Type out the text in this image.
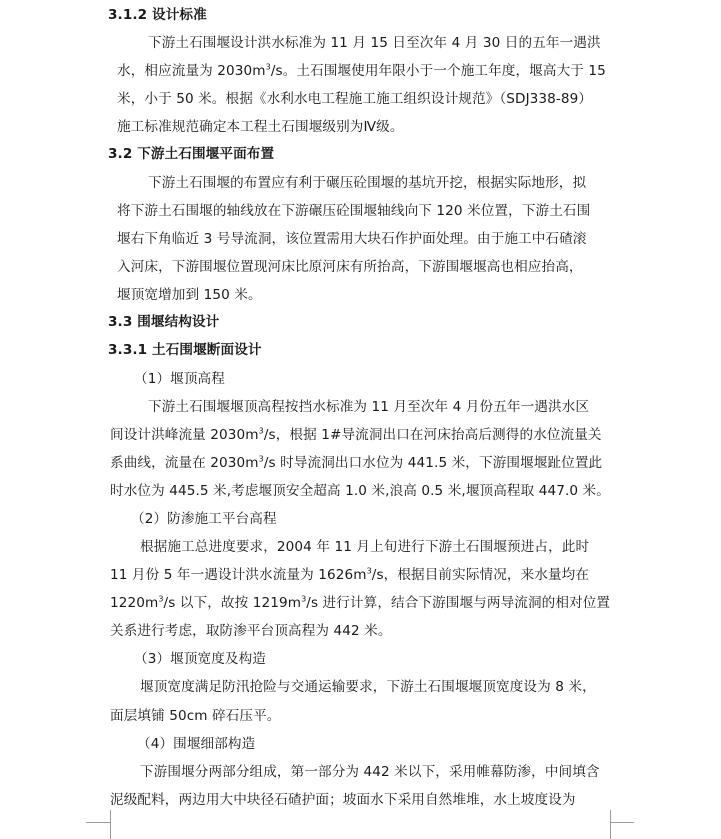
3.1.2 设计标准
下游土石围堰设计洪水标准为 11 月 15 日至次年 4 月 30 日的五年一遇洪
水，相应流量为 $2030m^3/s$。土石围堰使用年限小于一个施工年度，堰高大于 15
米，小于 50 米。根据《水利水电工程施工施工组织设计规范》（SDJ338-89）
施工标准规范确定本工程土石围堰级别为Ⅳ级。
3.2 下游土石围堰平面布置
下游土石围堰的布置应有利于碾压砼围堰的基坑开挖，根据实际地形，拟
将下游土石围堰的轴线放在下游碾压砼围堰轴线向下 120 米位置，下游土石围
堰右下角临近 3 号导流洞，该位置需用大块石作护面处理。由于施工中石碴滚
入河床，下游围堰位置现河床比原河床有所抬高，下游围堰堰高也相应抬高，
堰顶宽增加到 150 米。
3.3 围堰结构设计
3.3.1 土石围堰断面设计
（1）堰顶高程
下游土石围堰堰顶高程按挡水标准为 11 月至次年 4 月份五年一遇洪水区
间设计洪峰流量 $2030m^3/s$，根据 1#导流洞出口在河床抬高后测得的水位流量关
系曲线，流量在 $2030m^3/s$ 时导流洞出口水位为 441.5 米，下游围堰堰趾位置此
时水位为 445.5 米,考虑堰顶安全超高 1.0 米,浪高 0.5 米,堰顶高程取 447.0 米。
（2）防渗施工平台高程
根据施工总进度要求，2004 年 11 月上旬进行下游土石围堰预进占，此时
11 月份 5 年一遇设计洪水流量为 $1626m^3/s$，根据目前实际情况，来水量均在
$1220m^3/s$ 以下，故按 $1219m^3/s$ 进行计算，结合下游围堰与两导流洞的相对位置
关系进行考虑，取防渗平台顶高程为 442 米。
（3）堰顶宽度及构造
堰顶宽度满足防汛抢险与交通运输要求，下游土石围堰堰顶宽度设为 8 米，
面层填铺 50cm 碎石压平。
（4）围堰细部构造
下游围堰分两部分组成，第一部分为 442 米以下，采用帷幕防渗，中间填含
泥级配料，两边用大中块径石碴护面；坡面水下采用自然堆堆，水上坡度设为
